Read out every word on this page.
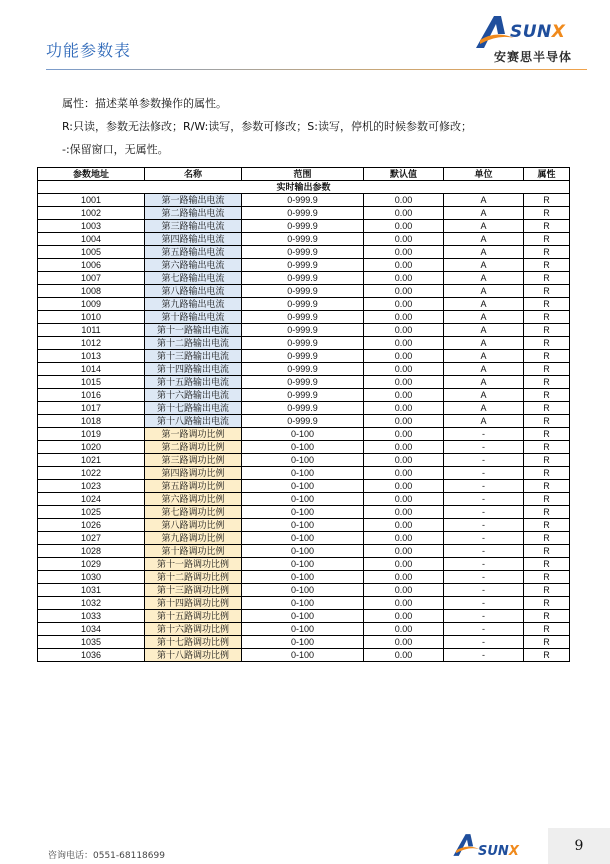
功能参数表
SUNX
安赛思半导体
属性：描述菜单参数操作的属性。
R:只读，参数无法修改；R/W:读写，参数可修改；S:读写，停机的时候参数可修改；
-:保留窗口，无属性。
参数地址	名称	范围	默认值	单位	属性
实时输出参数					
1001	第一路输出电流	0-999.9	0.00	A	R
1002	第二路输出电流	0-999.9	0.00	A	R
1003	第三路输出电流	0-999.9	0.00	A	R
1004	第四路输出电流	0-999.9	0.00	A	R
1005	第五路输出电流	0-999.9	0.00	A	R
1006	第六路输出电流	0-999.9	0.00	A	R
1007	第七路输出电流	0-999.9	0.00	A	R
1008	第八路输出电流	0-999.9	0.00	A	R
1009	第九路输出电流	0-999.9	0.00	A	R
1010	第十路输出电流	0-999.9	0.00	A	R
1011	第十一路输出电流	0-999.9	0.00	A	R
1012	第十二路输出电流	0-999.9	0.00	A	R
1013	第十三路输出电流	0-999.9	0.00	A	R
1014	第十四路输出电流	0-999.9	0.00	A	R
1015	第十五路输出电流	0-999.9	0.00	A	R
1016	第十六路输出电流	0-999.9	0.00	A	R
1017	第十七路输出电流	0-999.9	0.00	A	R
1018	第十八路输出电流	0-999.9	0.00	A	R
1019	第一路调功比例	0-100	0.00	-	R
1020	第二路调功比例	0-100	0.00	-	R
1021	第三路调功比例	0-100	0.00	-	R
1022	第四路调功比例	0-100	0.00	-	R
1023	第五路调功比例	0-100	0.00	-	R
1024	第六路调功比例	0-100	0.00	-	R
1025	第七路调功比例	0-100	0.00	-	R
1026	第八路调功比例	0-100	0.00	-	R
1027	第九路调功比例	0-100	0.00	-	R
1028	第十路调功比例	0-100	0.00	-	R
1029	第十一路调功比例	0-100	0.00	-	R
1030	第十二路调功比例	0-100	0.00	-	R
1031	第十三路调功比例	0-100	0.00	-	R
1032	第十四路调功比例	0-100	0.00	-	R
1033	第十五路调功比例	0-100	0.00	-	R
1034	第十六路调功比例	0-100	0.00	-	R
1035	第十七路调功比例	0-100	0.00	-	R
1036	第十八路调功比例	0-100	0.00	-	R
咨询电话：0551-68118699	SUNX	9
